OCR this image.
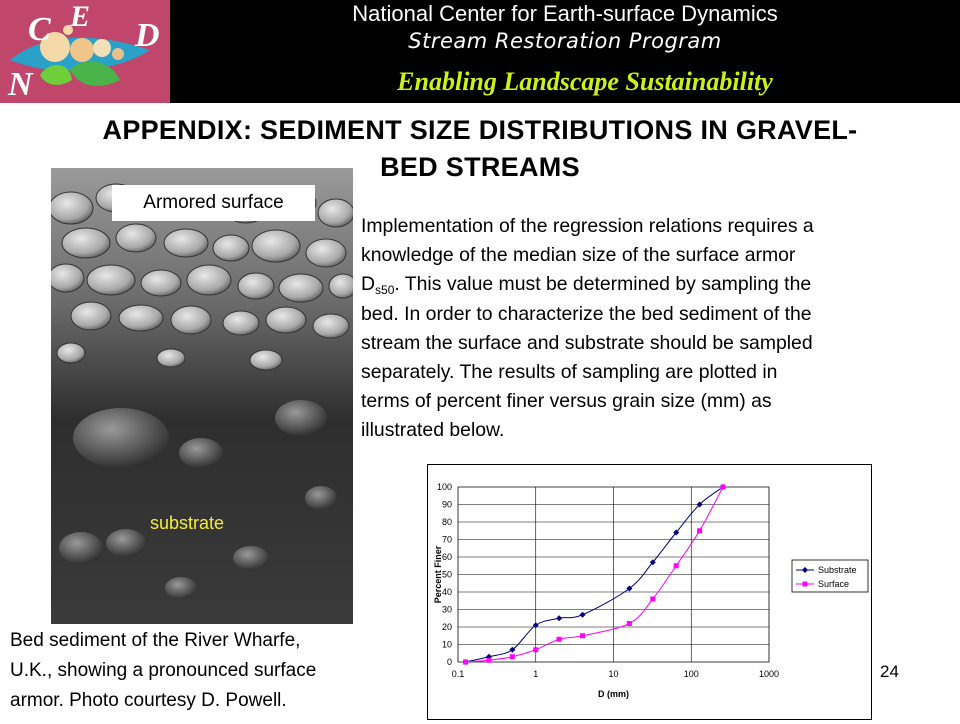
C E
D
N
National Center for Earth-surface Dynamics
Stream Restoration Program
Enabling Landscape Sustainability
APPENDIX: SEDIMENT SIZE DISTRIBUTIONS IN GRAVEL-
BED STREAMS
Armored surface
substrate
Bed sediment of the River Wharfe,
U.K., showing a pronounced surface
armor. Photo courtesy D. Powell.
Implementation of the regression relations requires a
knowledge of the median size of the surface armor
$D_{s50}$. This value must be determined by sampling the
bed. In order to characterize the bed sediment of the
stream the surface and substrate should be sampled
separately. The results of sampling are plotted in
terms of percent finer versus grain size (mm) as
illustrated below.
0
10
20
30
40
50
60
70
80
90
100
0.1	1	10	100	1000
D (mm)
Percent Finer	Substrate
Surface
24
